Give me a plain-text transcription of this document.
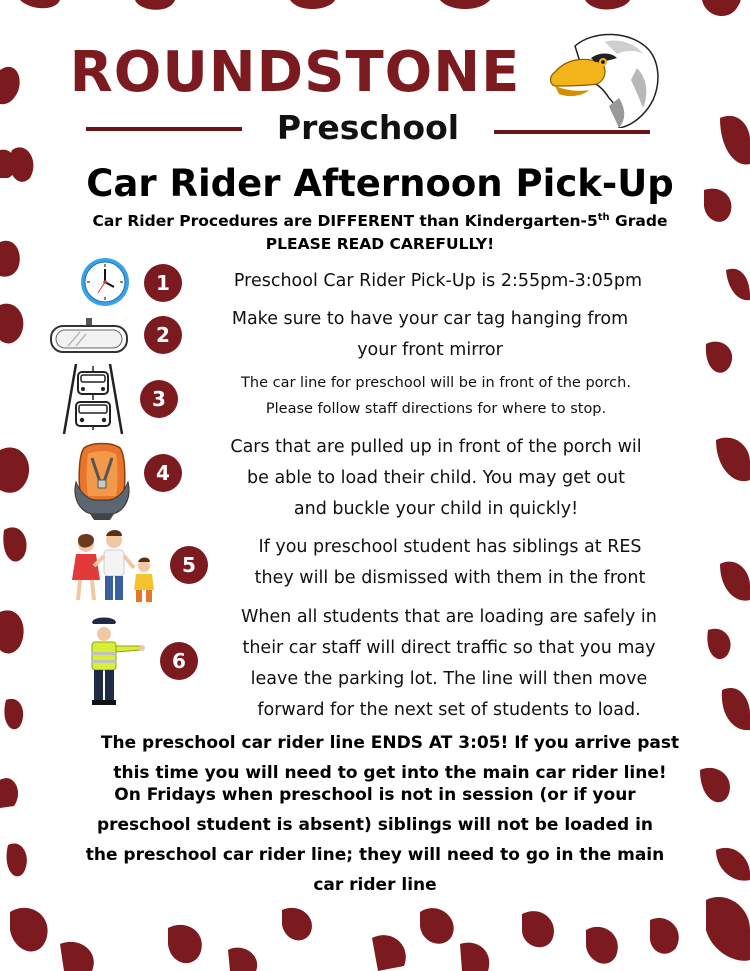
ROUNDSTONE
Preschool
Car Rider Afternoon Pick-Up
Car Rider Procedures are DIFFERENT than Kindergarten-5th Grade
PLEASE READ CAREFULLY!
1	Preschool Car Rider Pick-Up is 2:55pm-3:05pm
2
Make sure to have your car tag hanging from
your front mirror
3
The car line for preschool will be in front of the porch.
Please follow staff directions for where to stop.
4
Cars that are pulled up in front of the porch wil
be able to load their child. You may get out
and buckle your child in quickly!
5
If you preschool student has siblings at RES
they will be dismissed with them in the front
6
When all students that are loading are safely in
their car staff will direct traffic so that you may
leave the parking lot. The line will then move
forward for the next set of students to load.
The preschool car rider line ENDS AT 3:05! If you arrive past
this time you will need to get into the main car rider line!
On Fridays when preschool is not in session (or if your
preschool student is absent) siblings will not be loaded in
the preschool car rider line; they will need to go in the main
car rider line
